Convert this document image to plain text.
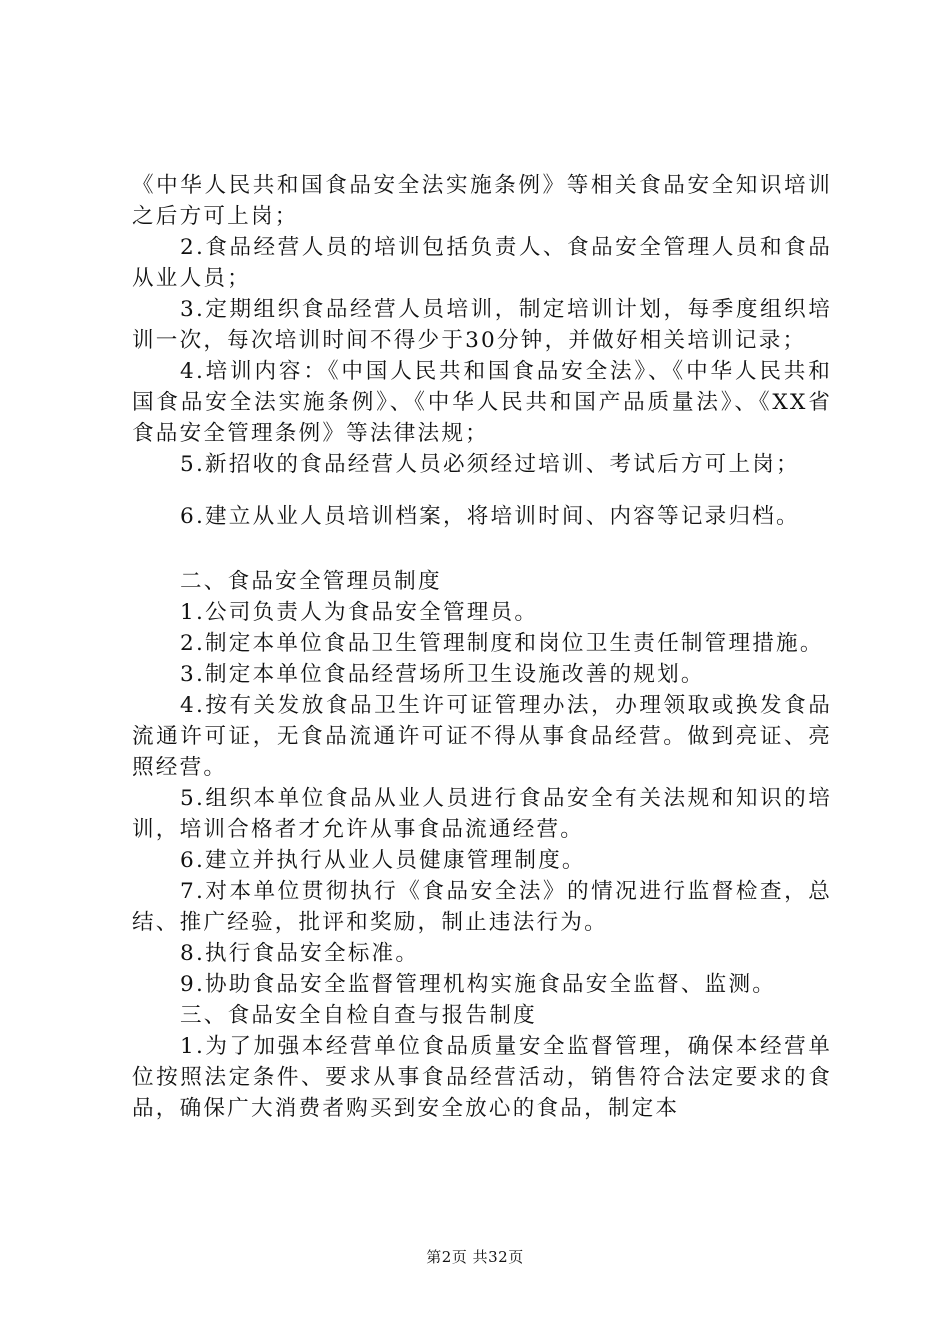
《中华人民共和国食品安全法实施条例》等相关食品安全知识培训之后方可上岗；

2.食品经营人员的培训包括负责人、食品安全管理人员和食品从业人员；

3.定期组织食品经营人员培训，制定培训计划，每季度组织培训一次，每次培训时间不得少于30分钟，并做好相关培训记录；

4.培训内容：《中国人民共和国食品安全法》、《中华人民共和国食品安全法实施条例》、《中华人民共和国产品质量法》、《XX省食品安全管理条例》等法律法规；

5.新招收的食品经营人员必须经过培训、考试后方可上岗；

6.建立从业人员培训档案，将培训时间、内容等记录归档。

二、食品安全管理员制度

1.公司负责人为食品安全管理员。

2.制定本单位食品卫生管理制度和岗位卫生责任制管理措施。

3.制定本单位食品经营场所卫生设施改善的规划。

4.按有关发放食品卫生许可证管理办法，办理领取或换发食品流通许可证，无食品流通许可证不得从事食品经营。做到亮证、亮照经营。

5.组织本单位食品从业人员进行食品安全有关法规和知识的培训，培训合格者才允许从事食品流通经营。

6.建立并执行从业人员健康管理制度。

7.对本单位贯彻执行《食品安全法》的情况进行监督检查，总结、推广经验，批评和奖励，制止违法行为。

8.执行食品安全标准。

9.协助食品安全监督管理机构实施食品安全监督、监测。

三、食品安全自检自查与报告制度

1.为了加强本经营单位食品质量安全监督管理，确保本经营单位按照法定条件、要求从事食品经营活动，销售符合法定要求的食品，确保广大消费者购买到安全放心的食品，制定本

第2页 共32页
